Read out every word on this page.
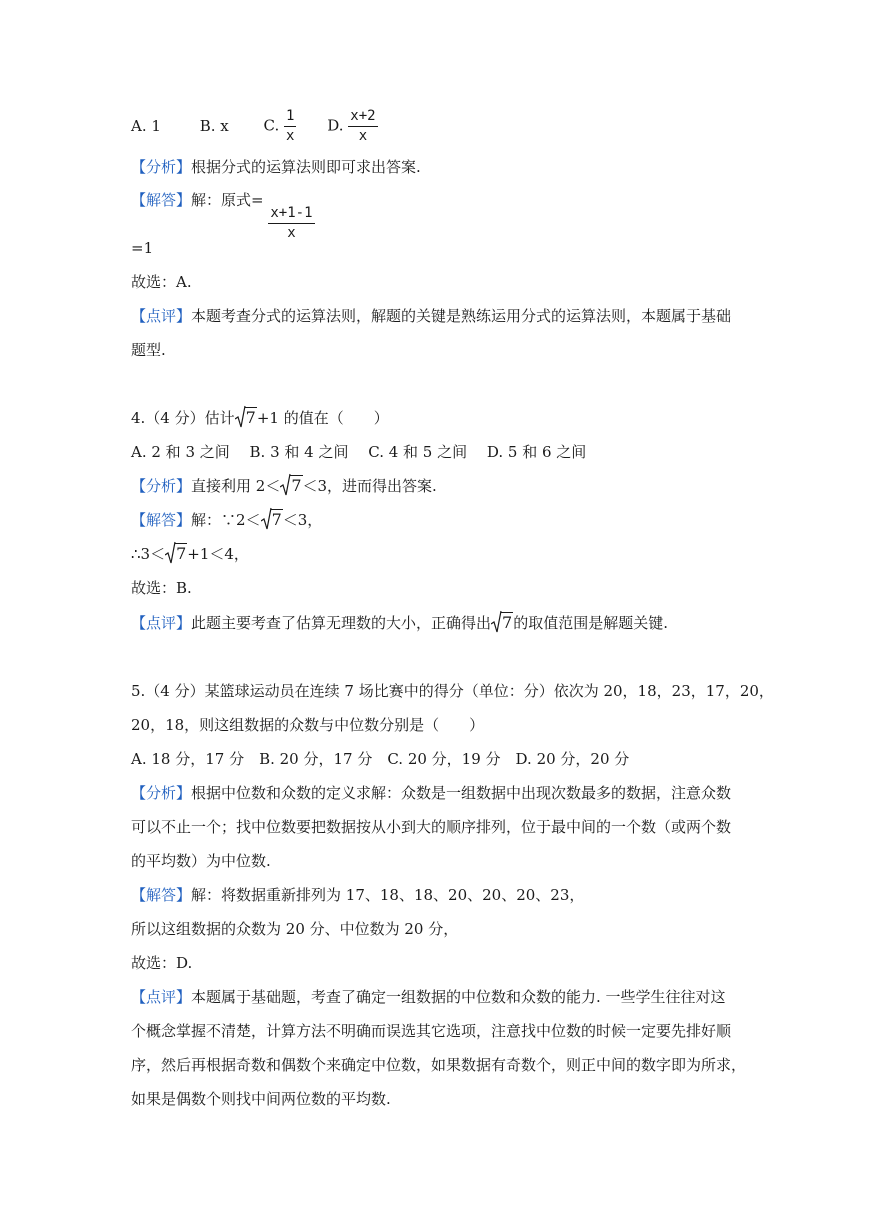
A. 1	B. x C. $\frac{1}{x} D$. $\frac{x+2}{x}$
【分析】根据分式的运算法则即可求出答案.
【解答】解：原式=
$\frac{x+1-1}{x}$
=1
故选：A.
【点评】本题考查分式的运算法则，解题的关键是熟练运用分式的运算法则，本题属于基础
题型.
4.（4 分）估计 7+1 的值在（　　）
A. 2 和 3 之间　 B. 3 和 4 之间　 C. 4 和 5 之间　 D. 5 和 6 之间
【分析】直接利用 2＜ 7＜3，进而得出答案.
【解答】解：∵2＜ 7＜3，
∴3＜ 7+1＜4，
故选：B.
【点评】此题主要考查了估算无理数的大小，正确得出 7的取值范围是解题关键.
5.（4 分）某篮球运动员在连续 7 场比赛中的得分（单位：分）依次为 20，18，23，17，20，
20，18，则这组数据的众数与中位数分别是（　　）
A. 18 分，17 分　B. 20 分，17 分　C. 20 分，19 分　D. 20 分，20 分
【分析】根据中位数和众数的定义求解：众数是一组数据中出现次数最多的数据，注意众数
可以不止一个；找中位数要把数据按从小到大的顺序排列，位于最中间的一个数（或两个数
的平均数）为中位数.
【解答】解：将数据重新排列为 17、18、18、20、20、20、23，
所以这组数据的众数为 20 分、中位数为 20 分，
故选：D.
【点评】本题属于基础题，考查了确定一组数据的中位数和众数的能力. 一些学生往往对这
个概念掌握不清楚，计算方法不明确而误选其它选项，注意找中位数的时候一定要先排好顺
序，然后再根据奇数和偶数个来确定中位数，如果数据有奇数个，则正中间的数字即为所求，
如果是偶数个则找中间两位数的平均数.
